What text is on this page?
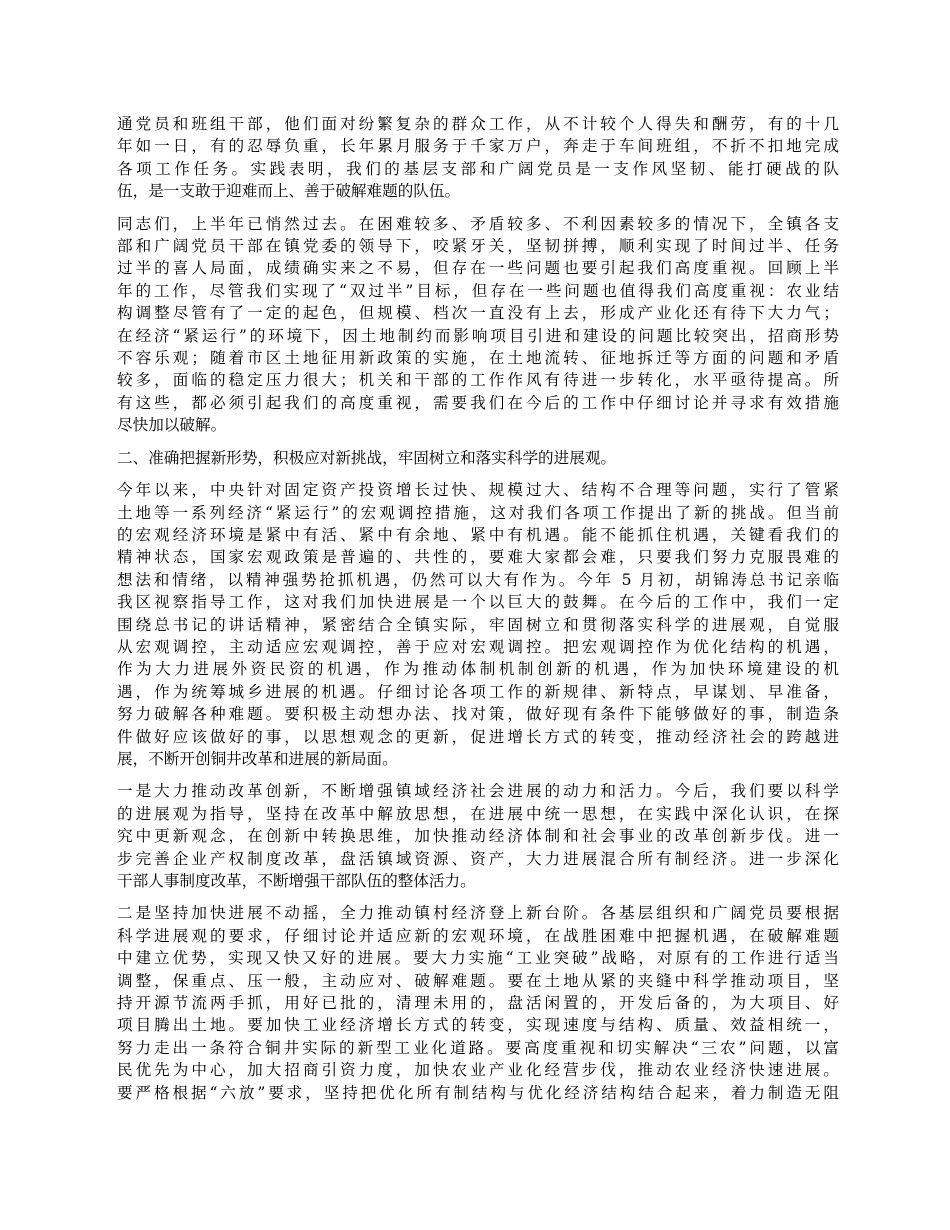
通党员和班组干部，他们面对纷繁复杂的群众工作，从不计较个人得失和酬劳，有的十几
年如一日，有的忍辱负重，长年累月服务于千家万户，奔走于车间班组，不折不扣地完成
各项工作任务。实践表明，我们的基层支部和广阔党员是一支作风坚韧、能打硬战的队
伍，是一支敢于迎难而上、善于破解难题的队伍。
同志们，上半年已悄然过去。在困难较多、矛盾较多、不利因素较多的情况下，全镇各支
部和广阔党员干部在镇党委的领导下，咬紧牙关，坚韧拼搏，顺利实现了时间过半、任务
过半的喜人局面，成绩确实来之不易，但存在一些问题也要引起我们高度重视。回顾上半
年的工作，尽管我们实现了“双过半”目标，但存在一些问题也值得我们高度重视：农业结
构调整尽管有了一定的起色，但规模、档次一直没有上去，形成产业化还有待下大力气；
在经济“紧运行”的环境下，因土地制约而影响项目引进和建设的问题比较突出，招商形势
不容乐观；随着市区土地征用新政策的实施，在土地流转、征地拆迁等方面的问题和矛盾
较多，面临的稳定压力很大；机关和干部的工作作风有待进一步转化，水平亟待提高。所
有这些，都必须引起我们的高度重视，需要我们在今后的工作中仔细讨论并寻求有效措施
尽快加以破解。
二、准确把握新形势，积极应对新挑战，牢固树立和落实科学的进展观。
今年以来，中央针对固定资产投资增长过快、规模过大、结构不合理等问题，实行了管紧
土地等一系列经济“紧运行”的宏观调控措施，这对我们各项工作提出了新的挑战。但当前
的宏观经济环境是紧中有活、紧中有余地、紧中有机遇。能不能抓住机遇，关键看我们的
精神状态，国家宏观政策是普遍的、共性的，要难大家都会难，只要我们努力克服畏难的
想法和情绪，以精神强势抢抓机遇，仍然可以大有作为。今年 5 月初，胡锦涛总书记亲临
我区视察指导工作，这对我们加快进展是一个以巨大的鼓舞。在今后的工作中，我们一定
围绕总书记的讲话精神，紧密结合全镇实际，牢固树立和贯彻落实科学的进展观，自觉服
从宏观调控，主动适应宏观调控，善于应对宏观调控。把宏观调控作为优化结构的机遇，
作为大力进展外资民资的机遇，作为推动体制机制创新的机遇，作为加快环境建设的机
遇，作为统筹城乡进展的机遇。仔细讨论各项工作的新规律、新特点，早谋划、早准备，
努力破解各种难题。要积极主动想办法、找对策，做好现有条件下能够做好的事，制造条
件做好应该做好的事，以思想观念的更新，促进增长方式的转变，推动经济社会的跨越进
展，不断开创铜井改革和进展的新局面。
一是大力推动改革创新，不断增强镇域经济社会进展的动力和活力。今后，我们要以科学
的进展观为指导，坚持在改革中解放思想，在进展中统一思想，在实践中深化认识，在探
究中更新观念，在创新中转换思维，加快推动经济体制和社会事业的改革创新步伐。进一
步完善企业产权制度改革，盘活镇域资源、资产，大力进展混合所有制经济。进一步深化
干部人事制度改革，不断增强干部队伍的整体活力。
二是坚持加快进展不动摇，全力推动镇村经济登上新台阶。各基层组织和广阔党员要根据
科学进展观的要求，仔细讨论并适应新的宏观环境，在战胜困难中把握机遇，在破解难题
中建立优势，实现又快又好的进展。要大力实施“工业突破”战略，对原有的工作进行适当
调整，保重点、压一般，主动应对、破解难题。要在土地从紧的夹缝中科学推动项目，坚
持开源节流两手抓，用好已批的，清理未用的，盘活闲置的，开发后备的，为大项目、好
项目腾出土地。要加快工业经济增长方式的转变，实现速度与结构、质量、效益相统一，
努力走出一条符合铜井实际的新型工业化道路。要高度重视和切实解决“三农”问题，以富
民优先为中心，加大招商引资力度，加快农业产业化经营步伐，推动农业经济快速进展。
要严格根据“六放”要求，坚持把优化所有制结构与优化经济结构结合起来，着力制造无阻
